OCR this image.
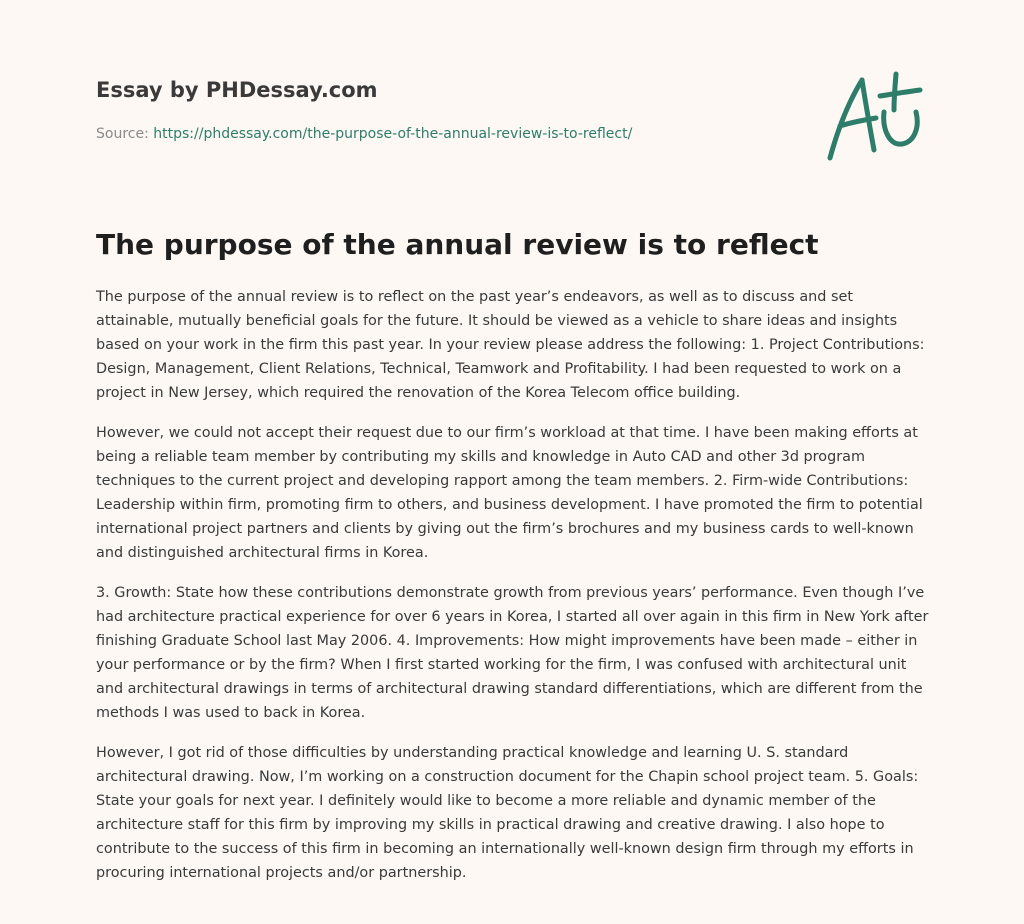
Essay by PHDessay.com
Source: https://phdessay.com/the-purpose-of-the-annual-review-is-to-reflect/
The purpose of the annual review is to reflect

The purpose of the annual review is to reflect on the past year’s endeavors, as well as to discuss and set attainable, mutually beneficial goals for the future. It should be viewed as a vehicle to share ideas and insights based on your work in the firm this past year. In your review please address the following: 1. Project Contributions: Design, Management, Client Relations, Technical, Teamwork and Profitability. I had been requested to work on a project in New Jersey, which required the renovation of the Korea Telecom office building.

However, we could not accept their request due to our firm’s workload at that time. I have been making efforts at being a reliable team member by contributing my skills and knowledge in Auto CAD and other 3d program techniques to the current project and developing rapport among the team members. 2. Firm-wide Contributions: Leadership within firm, promoting firm to others, and business development. I have promoted the firm to potential international project partners and clients by giving out the firm’s brochures and my business cards to well-known and distinguished architectural firms in Korea.

3. Growth: State how these contributions demonstrate growth from previous years’ performance. Even though I’ve had architecture practical experience for over 6 years in Korea, I started all over again in this firm in New York after finishing Graduate School last May 2006. 4. Improvements: How might improvements have been made – either in your performance or by the firm? When I first started working for the firm, I was confused with architectural unit and architectural drawings in terms of architectural drawing standard differentiations, which are different from the methods I was used to back in Korea.

However, I got rid of those difficulties by understanding practical knowledge and learning U. S. standard architectural drawing. Now, I’m working on a construction document for the Chapin school project team. 5. Goals: State your goals for next year. I definitely would like to become a more reliable and dynamic member of the architecture staff for this firm by improving my skills in practical drawing and creative drawing. I also hope to contribute to the success of this firm in becoming an internationally well-known design firm through my efforts in procuring international projects and/or partnership.
